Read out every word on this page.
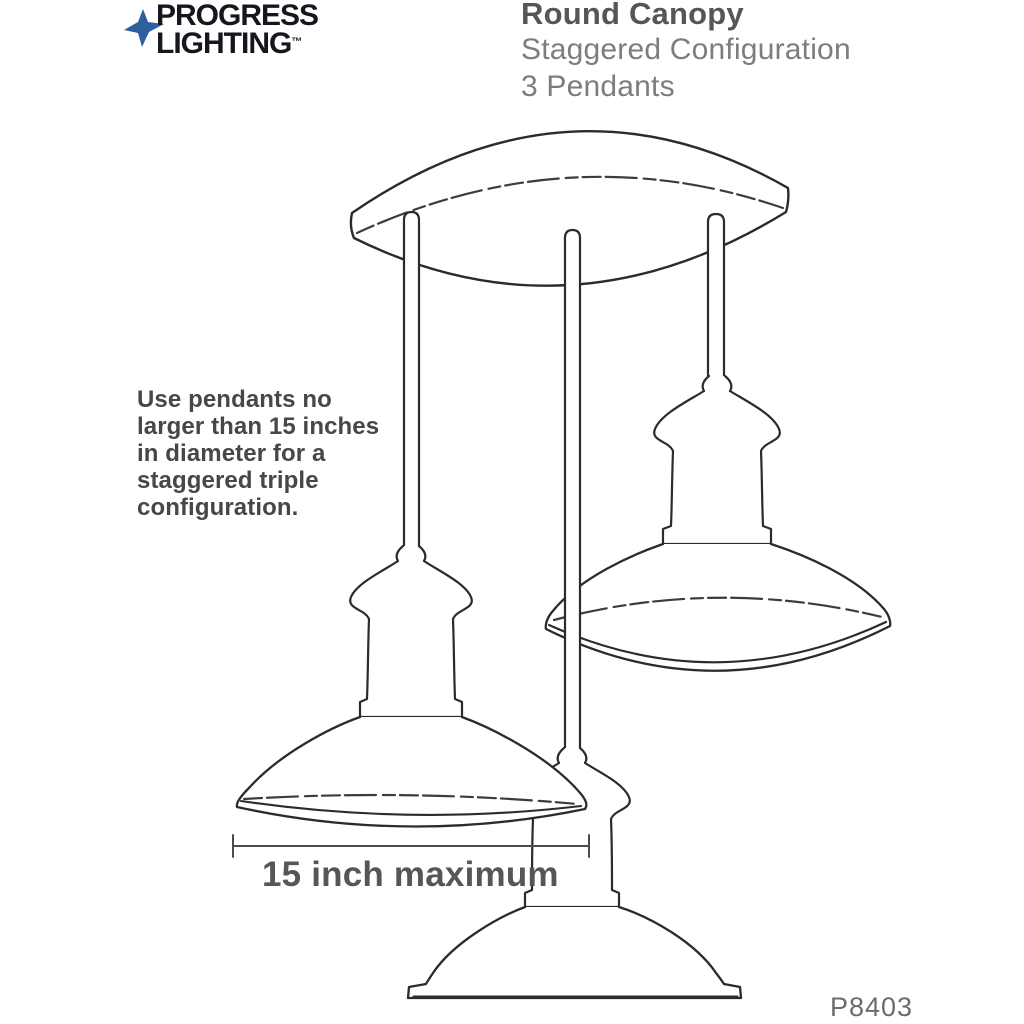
PROGRESS
LIGHTING™
Round Canopy
Staggered Configuration
3 Pendants
Use pendants no
larger than 15 inches
in diameter for a
staggered triple
configuration.
15 inch maximum
P8403
